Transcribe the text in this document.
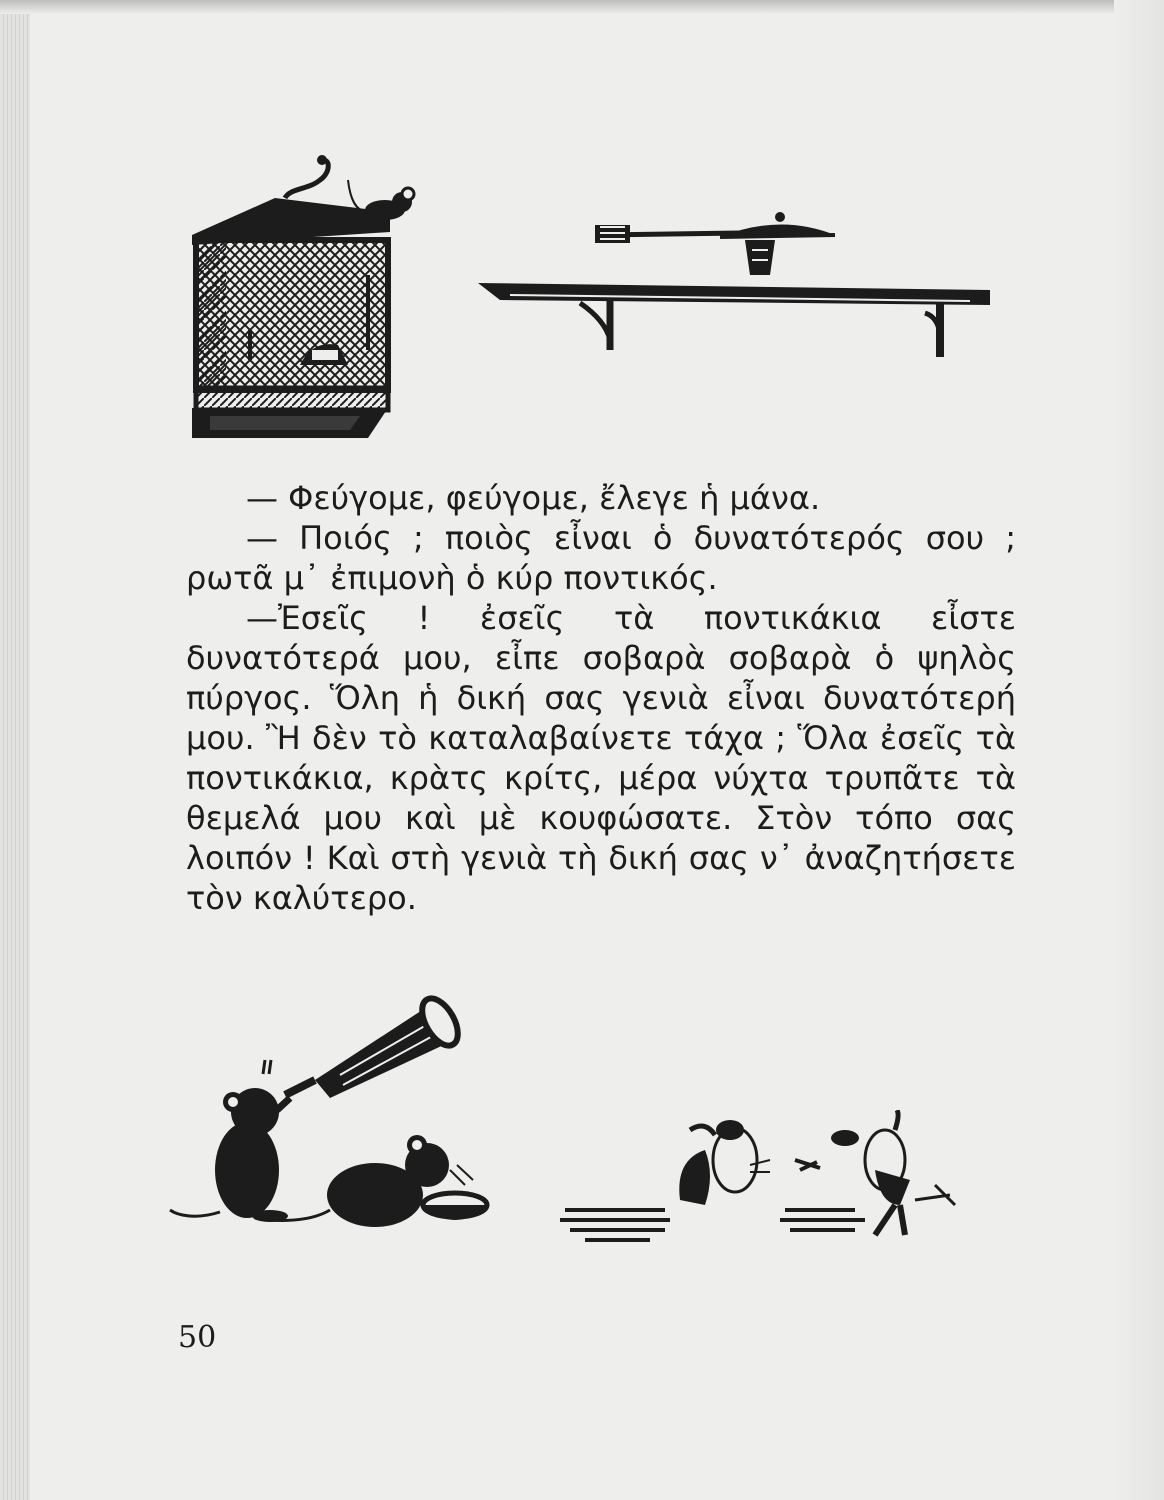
— Φεύγομε, φεύγομε, ἔλεγε ἡ μάνα.

— Ποιός ; ποιὸς εἶναι ὁ δυνατότερός σου ; ρωτᾶ μ᾽ ἐπιμονὴ ὁ κύρ ποντικός.

—Ἐσεῖς ! ἐσεῖς τὰ ποντικάκια εἶστε δυνατότερά μου, εἶπε σοβαρὰ σοβαρὰ ὁ ψηλὸς πύργος. Ὅλη ἡ δική σας γενιὰ εἶναι δυνατότερή μου. Ἢ δὲν τὸ καταλαβαίνετε τάχα ; Ὅλα ἐσεῖς τὰ ποντικάκια, κρὰτς κρίτς, μέρα νύχτα τρυπᾶτε τὰ θεμελά μου καὶ μὲ κουφώσατε. Στὸν τόπο σας λοιπόν ! Καὶ στὴ γενιὰ τὴ δική σας ν᾽ ἀναζητήσετε τὸν καλύτερο.

50
